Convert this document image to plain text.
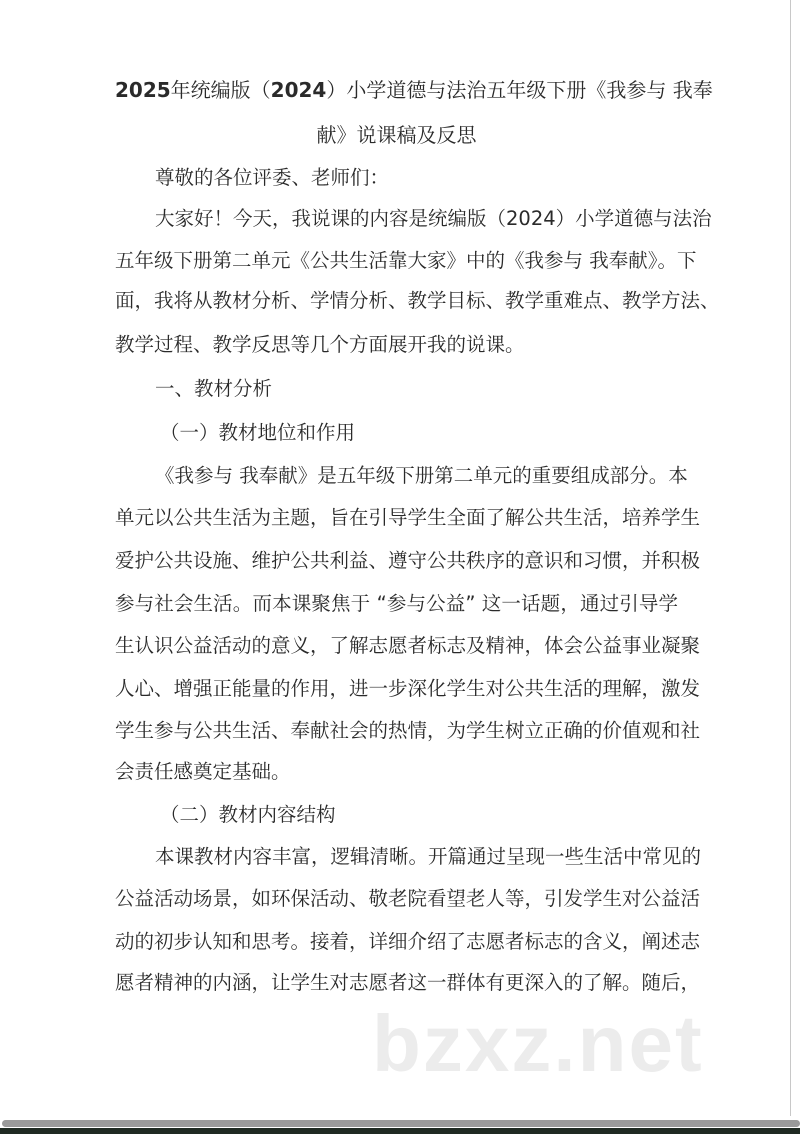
2025年统编版（2024）小学道德与法治五年级下册《我参与 我奉
献》说课稿及反思
尊敬的各位评委、老师们：
大家好！今天，我说课的内容是统编版（2024）小学道德与法治
五年级下册第二单元《公共生活靠大家》中的《我参与 我奉献》。下
面，我将从教材分析、学情分析、教学目标、教学重难点、教学方法、
教学过程、教学反思等几个方面展开我的说课。
一、教材分析
（一）教材地位和作用
《我参与 我奉献》是五年级下册第二单元的重要组成部分。本
单元以公共生活为主题，旨在引导学生全面了解公共生活，培养学生
爱护公共设施、维护公共利益、遵守公共秩序的意识和习惯，并积极
参与社会生活。而本课聚焦于 “参与公益” 这一话题，通过引导学
生认识公益活动的意义，了解志愿者标志及精神，体会公益事业凝聚
人心、增强正能量的作用，进一步深化学生对公共生活的理解，激发
学生参与公共生活、奉献社会的热情，为学生树立正确的价值观和社
会责任感奠定基础。
（二）教材内容结构
本课教材内容丰富，逻辑清晰。开篇通过呈现一些生活中常见的
公益活动场景，如环保活动、敬老院看望老人等，引发学生对公益活
动的初步认知和思考。接着，详细介绍了志愿者标志的含义，阐述志
愿者精神的内涵，让学生对志愿者这一群体有更深入的了解。随后，
bzxz.net
